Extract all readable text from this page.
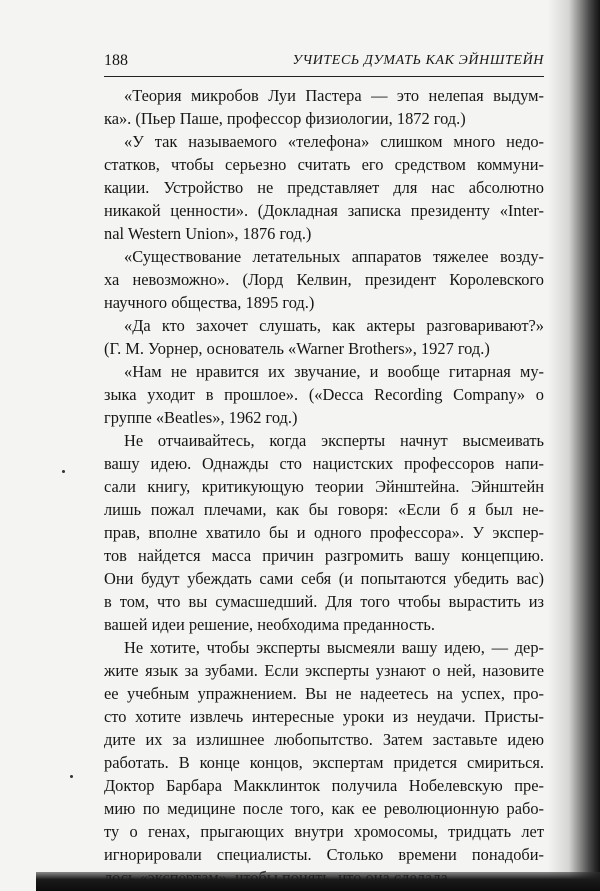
188	УЧИТЕСЬ ДУМАТЬ КАК ЭЙНШТЕЙН
«Теория микробов Луи Пастера — это нелепая выдум-
ка». (Пьер Паше, профессор физиологии, 1872 год.)
«У так называемого «телефона» слишком много недо-
статков, чтобы серьезно считать его средством коммуни-
кации. Устройство не представляет для нас абсолютно
никакой ценности». (Докладная записка президенту «Inter-
nal Western Union», 1876 год.)
«Существование летательных аппаратов тяжелее возду-
ха невозможно». (Лорд Келвин, президент Королевского
научного общества, 1895 год.)
«Да кто захочет слушать, как актеры разговаривают?»
(Г. М. Уорнер, основатель «Warner Brothers», 1927 год.)
«Нам не нравится их звучание, и вообще гитарная му-
зыка уходит в прошлое». («Decca Recording Company» о
группе «Beatles», 1962 год.)
Не отчаивайтесь, когда эксперты начнут высмеивать
вашу идею. Однажды сто нацистских профессоров напи-
сали книгу, критикующую теории Эйнштейна. Эйнштейн
лишь пожал плечами, как бы говоря: «Если б я был не-
прав, вполне хватило бы и одного профессора». У экспер-
тов найдется масса причин разгромить вашу концепцию.
Они будут убеждать сами себя (и попытаются убедить вас)
в том, что вы сумасшедший. Для того чтобы вырастить из
вашей идеи решение, необходима преданность.
Не хотите, чтобы эксперты высмеяли вашу идею, — дер-
жите язык за зубами. Если эксперты узнают о ней, назовите
ее учебным упражнением. Вы не надеетесь на успех, про-
сто хотите извлечь интересные уроки из неудачи. Присты-
дите их за излишнее любопытство. Затем заставьте идею
работать. В конце концов, экспертам придется смириться.
Доктор Барбара Макклинток получила Нобелевскую пре-
мию по медицине после того, как ее революционную рабо-
ту о генах, прыгающих внутри хромосомы, тридцать лет
игнорировали специалисты. Столько времени понадоби-
